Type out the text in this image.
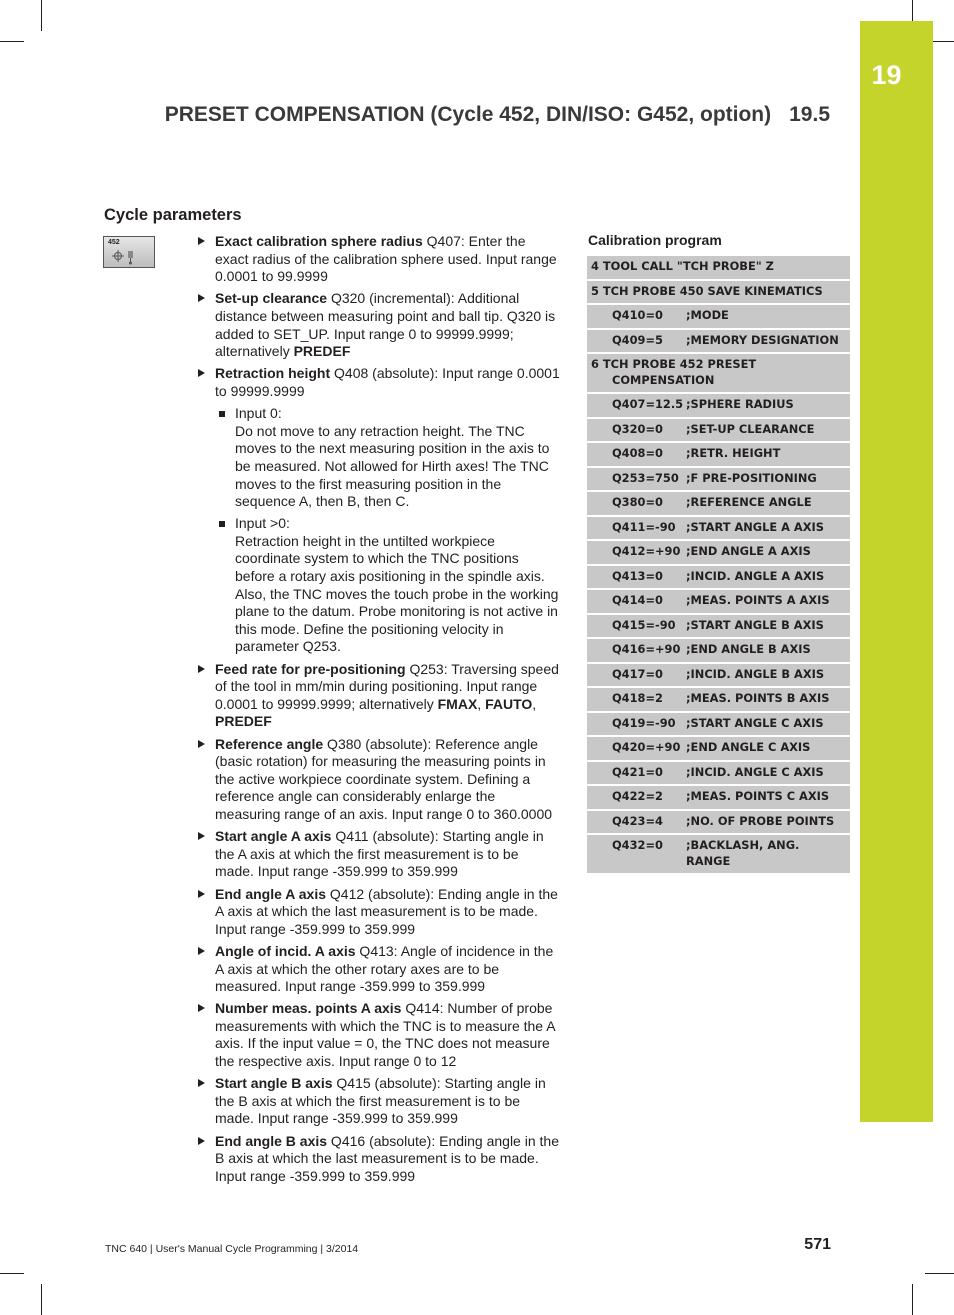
19
PRESET COMPENSATION (Cycle 452, DIN/ISO: G452, option) 19.5
Cycle parameters
452	Exact calibration sphere radius Q407: Enter the exact radius of the calibration sphere used. Input range 0.0001 to 99.9999
Set-up clearance Q320 (incremental): Additional distance between measuring point and ball tip. Q320 is added to SET_UP. Input range 0 to 99999.9999; alternatively PREDEF
Retraction height Q408 (absolute): Input range 0.0001 to 99999.9999
Input 0:
Do not move to any retraction height. The TNC moves to the next measuring position in the axis to be measured. Not allowed for Hirth axes! The TNC moves to the first measuring position in the sequence A, then B, then C.
Input >0:
Retraction height in the untilted workpiece coordinate system to which the TNC positions before a rotary axis positioning in the spindle axis. Also, the TNC moves the touch probe in the working plane to the datum. Probe monitoring is not active in this mode. Define the positioning velocity in parameter Q253.
Feed rate for pre-positioning Q253: Traversing speed of the tool in mm/min during positioning. Input range 0.0001 to 99999.9999; alternatively FMAX, FAUTO, PREDEF
Reference angle Q380 (absolute): Reference angle (basic rotation) for measuring the measuring points in the active workpiece coordinate system. Defining a reference angle can considerably enlarge the measuring range of an axis. Input range 0 to 360.0000
Start angle A axis Q411 (absolute): Starting angle in the A axis at which the first measurement is to be made. Input range -359.999 to 359.999
End angle A axis Q412 (absolute): Ending angle in the A axis at which the last measurement is to be made. Input range -359.999 to 359.999
Angle of incid. A axis Q413: Angle of incidence in the A axis at which the other rotary axes are to be measured. Input range -359.999 to 359.999
Number meas. points A axis Q414: Number of probe measurements with which the TNC is to measure the A axis. If the input value = 0, the TNC does not measure the respective axis. Input range 0 to 12
Start angle B axis Q415 (absolute): Starting angle in the B axis at which the first measurement is to be made. Input range -359.999 to 359.999
End angle B axis Q416 (absolute): Ending angle in the B axis at which the last measurement is to be made. Input range -359.999 to 359.999
Calibration program
4 TOOL CALL "TCH PROBE" Z
5 TCH PROBE 450 SAVE KINEMATICS
Q410=0	;MODE
Q409=5	;MEMORY DESIGNATION
6 TCH PROBE 452 PRESET
COMPENSATION
Q407=12.5 ;SPHERE RADIUS
Q320=0	;SET-UP CLEARANCE
Q408=0	;RETR. HEIGHT
Q253=750 ;F PRE-POSITIONING
Q380=0	;REFERENCE ANGLE
Q411=-90 ;START ANGLE A AXIS
Q412=+90 ;END ANGLE A AXIS
Q413=0	;INCID. ANGLE A AXIS
Q414=0	;MEAS. POINTS A AXIS
Q415=-90 ;START ANGLE B AXIS
Q416=+90 ;END ANGLE B AXIS
Q417=0	;INCID. ANGLE B AXIS
Q418=2	;MEAS. POINTS B AXIS
Q419=-90 ;START ANGLE C AXIS
Q420=+90 ;END ANGLE C AXIS
Q421=0	;INCID. ANGLE C AXIS
Q422=2	;MEAS. POINTS C AXIS
Q423=4	;NO. OF PROBE POINTS
Q432=0	;BACKLASH, ANG.
RANGE
TNC 640 | User's Manual Cycle Programming | 3/2014	571
